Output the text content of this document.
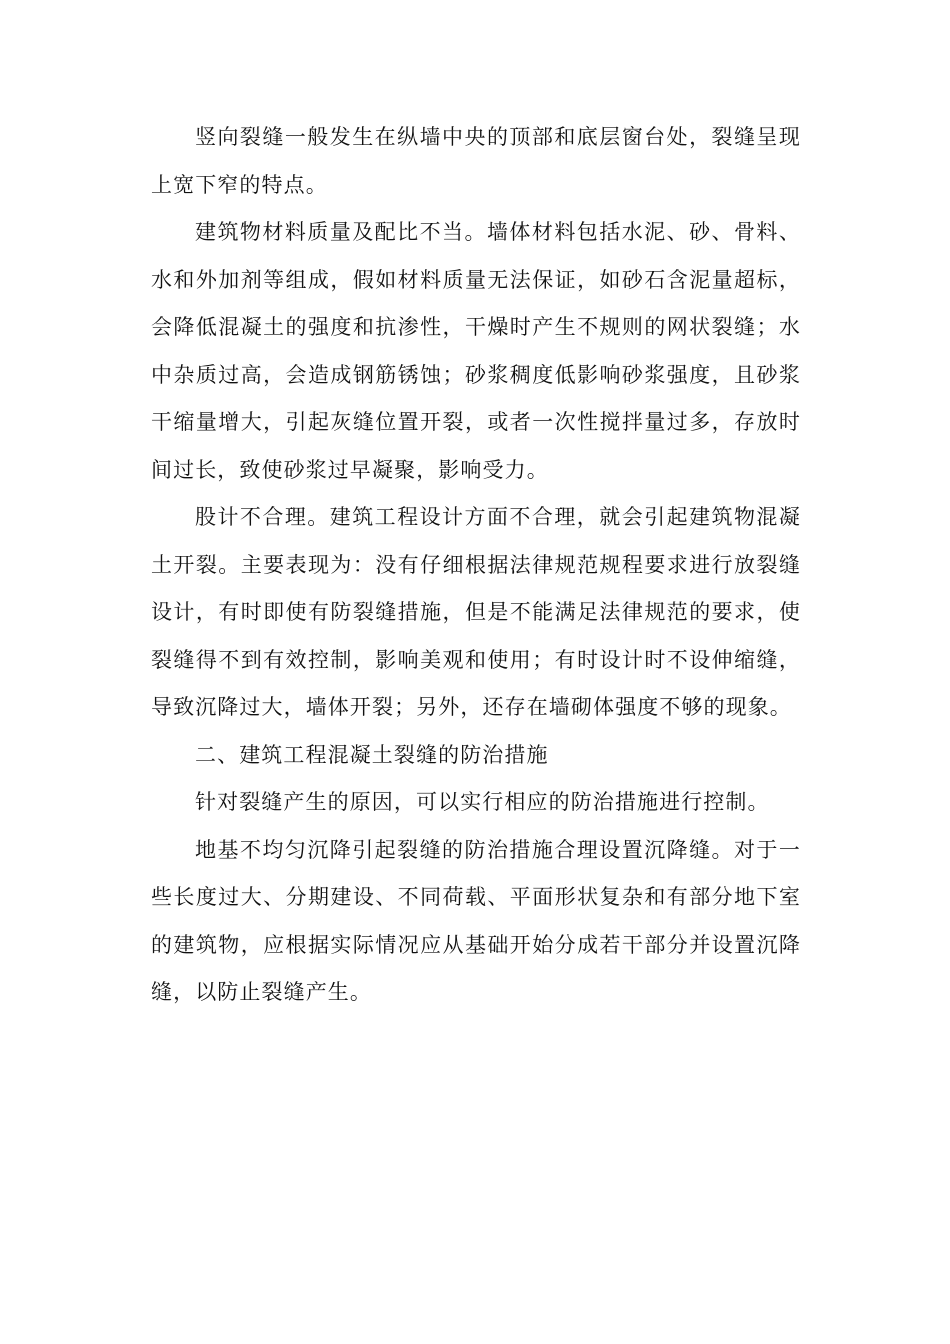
竖向裂缝一般发生在纵墙中央的顶部和底层窗台处，裂缝呈现上宽下窄的特点。

建筑物材料质量及配比不当。墙体材料包括水泥、砂、骨料、水和外加剂等组成，假如材料质量无法保证，如砂石含泥量超标，会降低混凝土的强度和抗渗性，干燥时产生不规则的网状裂缝；水中杂质过高，会造成钢筋锈蚀；砂浆稠度低影响砂浆强度，且砂浆干缩量增大，引起灰缝位置开裂，或者一次性搅拌量过多，存放时间过长，致使砂浆过早凝聚，影响受力。

股计不合理。建筑工程设计方面不合理，就会引起建筑物混凝土开裂。主要表现为：没有仔细根据法律规范规程要求进行放裂缝设计，有时即使有防裂缝措施，但是不能满足法律规范的要求，使裂缝得不到有效控制，影响美观和使用；有时设计时不设伸缩缝，导致沉降过大，墙体开裂；另外，还存在墙砌体强度不够的现象。

二、建筑工程混凝土裂缝的防治措施

针对裂缝产生的原因，可以实行相应的防治措施进行控制。

地基不均匀沉降引起裂缝的防治措施合理设置沉降缝。对于一些长度过大、分期建设、不同荷载、平面形状复杂和有部分地下室的建筑物，应根据实际情况应从基础开始分成若干部分并设置沉降缝，以防止裂缝产生。
